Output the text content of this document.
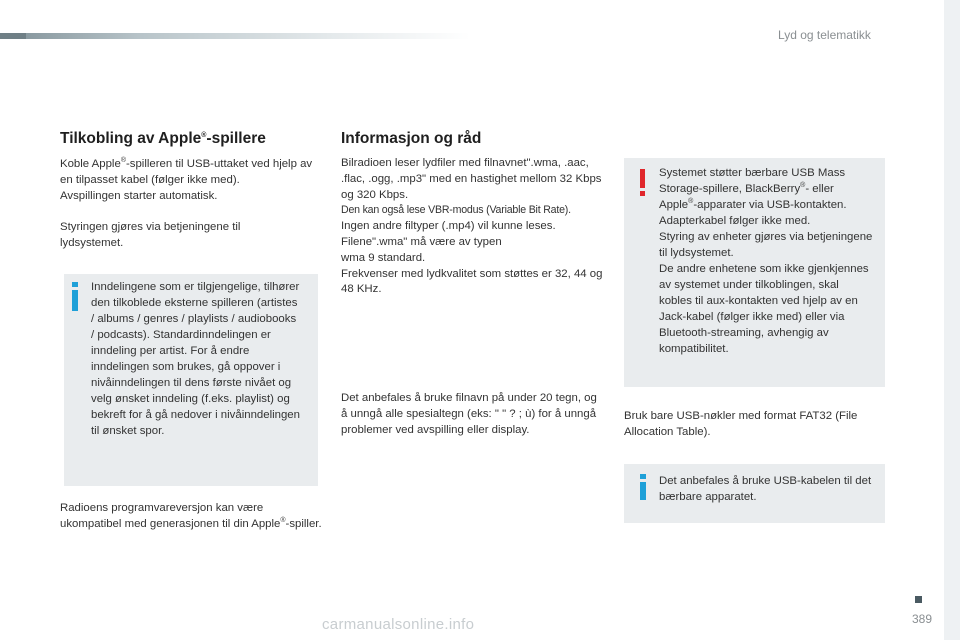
Lyd og telematikk
Tilkobling av Apple®-spillere

Koble Apple®-spilleren til USB-uttaket ved hjelp av en tilpasset kabel (følger ikke med).

Avspillingen starter automatisk.

Styringen gjøres via betjeningene til lydsystemet.
Inndelingene som er tilgjengelige, tilhører den tilkoblede eksterne spilleren (artistes / albums / genres / playlists / audiobooks / podcasts). Standardinndelingen er inndeling per artist. For å endre inndelingen som brukes, gå oppover i nivåinndelingen til dens første nivået og velg ønsket inndeling (f.eks. playlist) og bekreft for å gå nedover i nivåinndelingen til ønsket spor.
Radioens programvareversjon kan være ukompatibel med generasjonen til din Apple®-spiller.
Informasjon og råd

Bilradioen leser lydfiler med filnavnet".wma, .aac, .flac, .ogg, .mp3" med en hastighet mellom 32 Kbps og 320 Kbps.

Den kan også lese VBR-modus (Variable Bit Rate).

Ingen andre filtyper (.mp4) vil kunne leses.

Filene".wma" må være av typen

wma 9 standard.

Frekvenser med lydkvalitet som støttes er 32, 44 og 48 KHz.

Det anbefales å bruke filnavn på under 20 tegn, og å unngå alle spesialtegn (eks: " " ? ; ù) for å unngå problemer ved avspilling eller display.

Systemet støtter bærbare USB Mass Storage-spillere, BlackBerry®- eller Apple®-apparater via USB-kontakten. Adapterkabel følger ikke med.

Styring av enheter gjøres via betjeningene til lydsystemet.

De andre enhetene som ikke gjenkjennes av systemet under tilkoblingen, skal kobles til aux-kontakten ved hjelp av en Jack-kabel (følger ikke med) eller via Bluetooth-streaming, avhengig av kompatibilitet.

Bruk bare USB-nøkler med format FAT32 (File Allocation Table).
Det anbefales å bruke USB-kabelen til det bærbare apparatet.
389
carmanualsonline.info
